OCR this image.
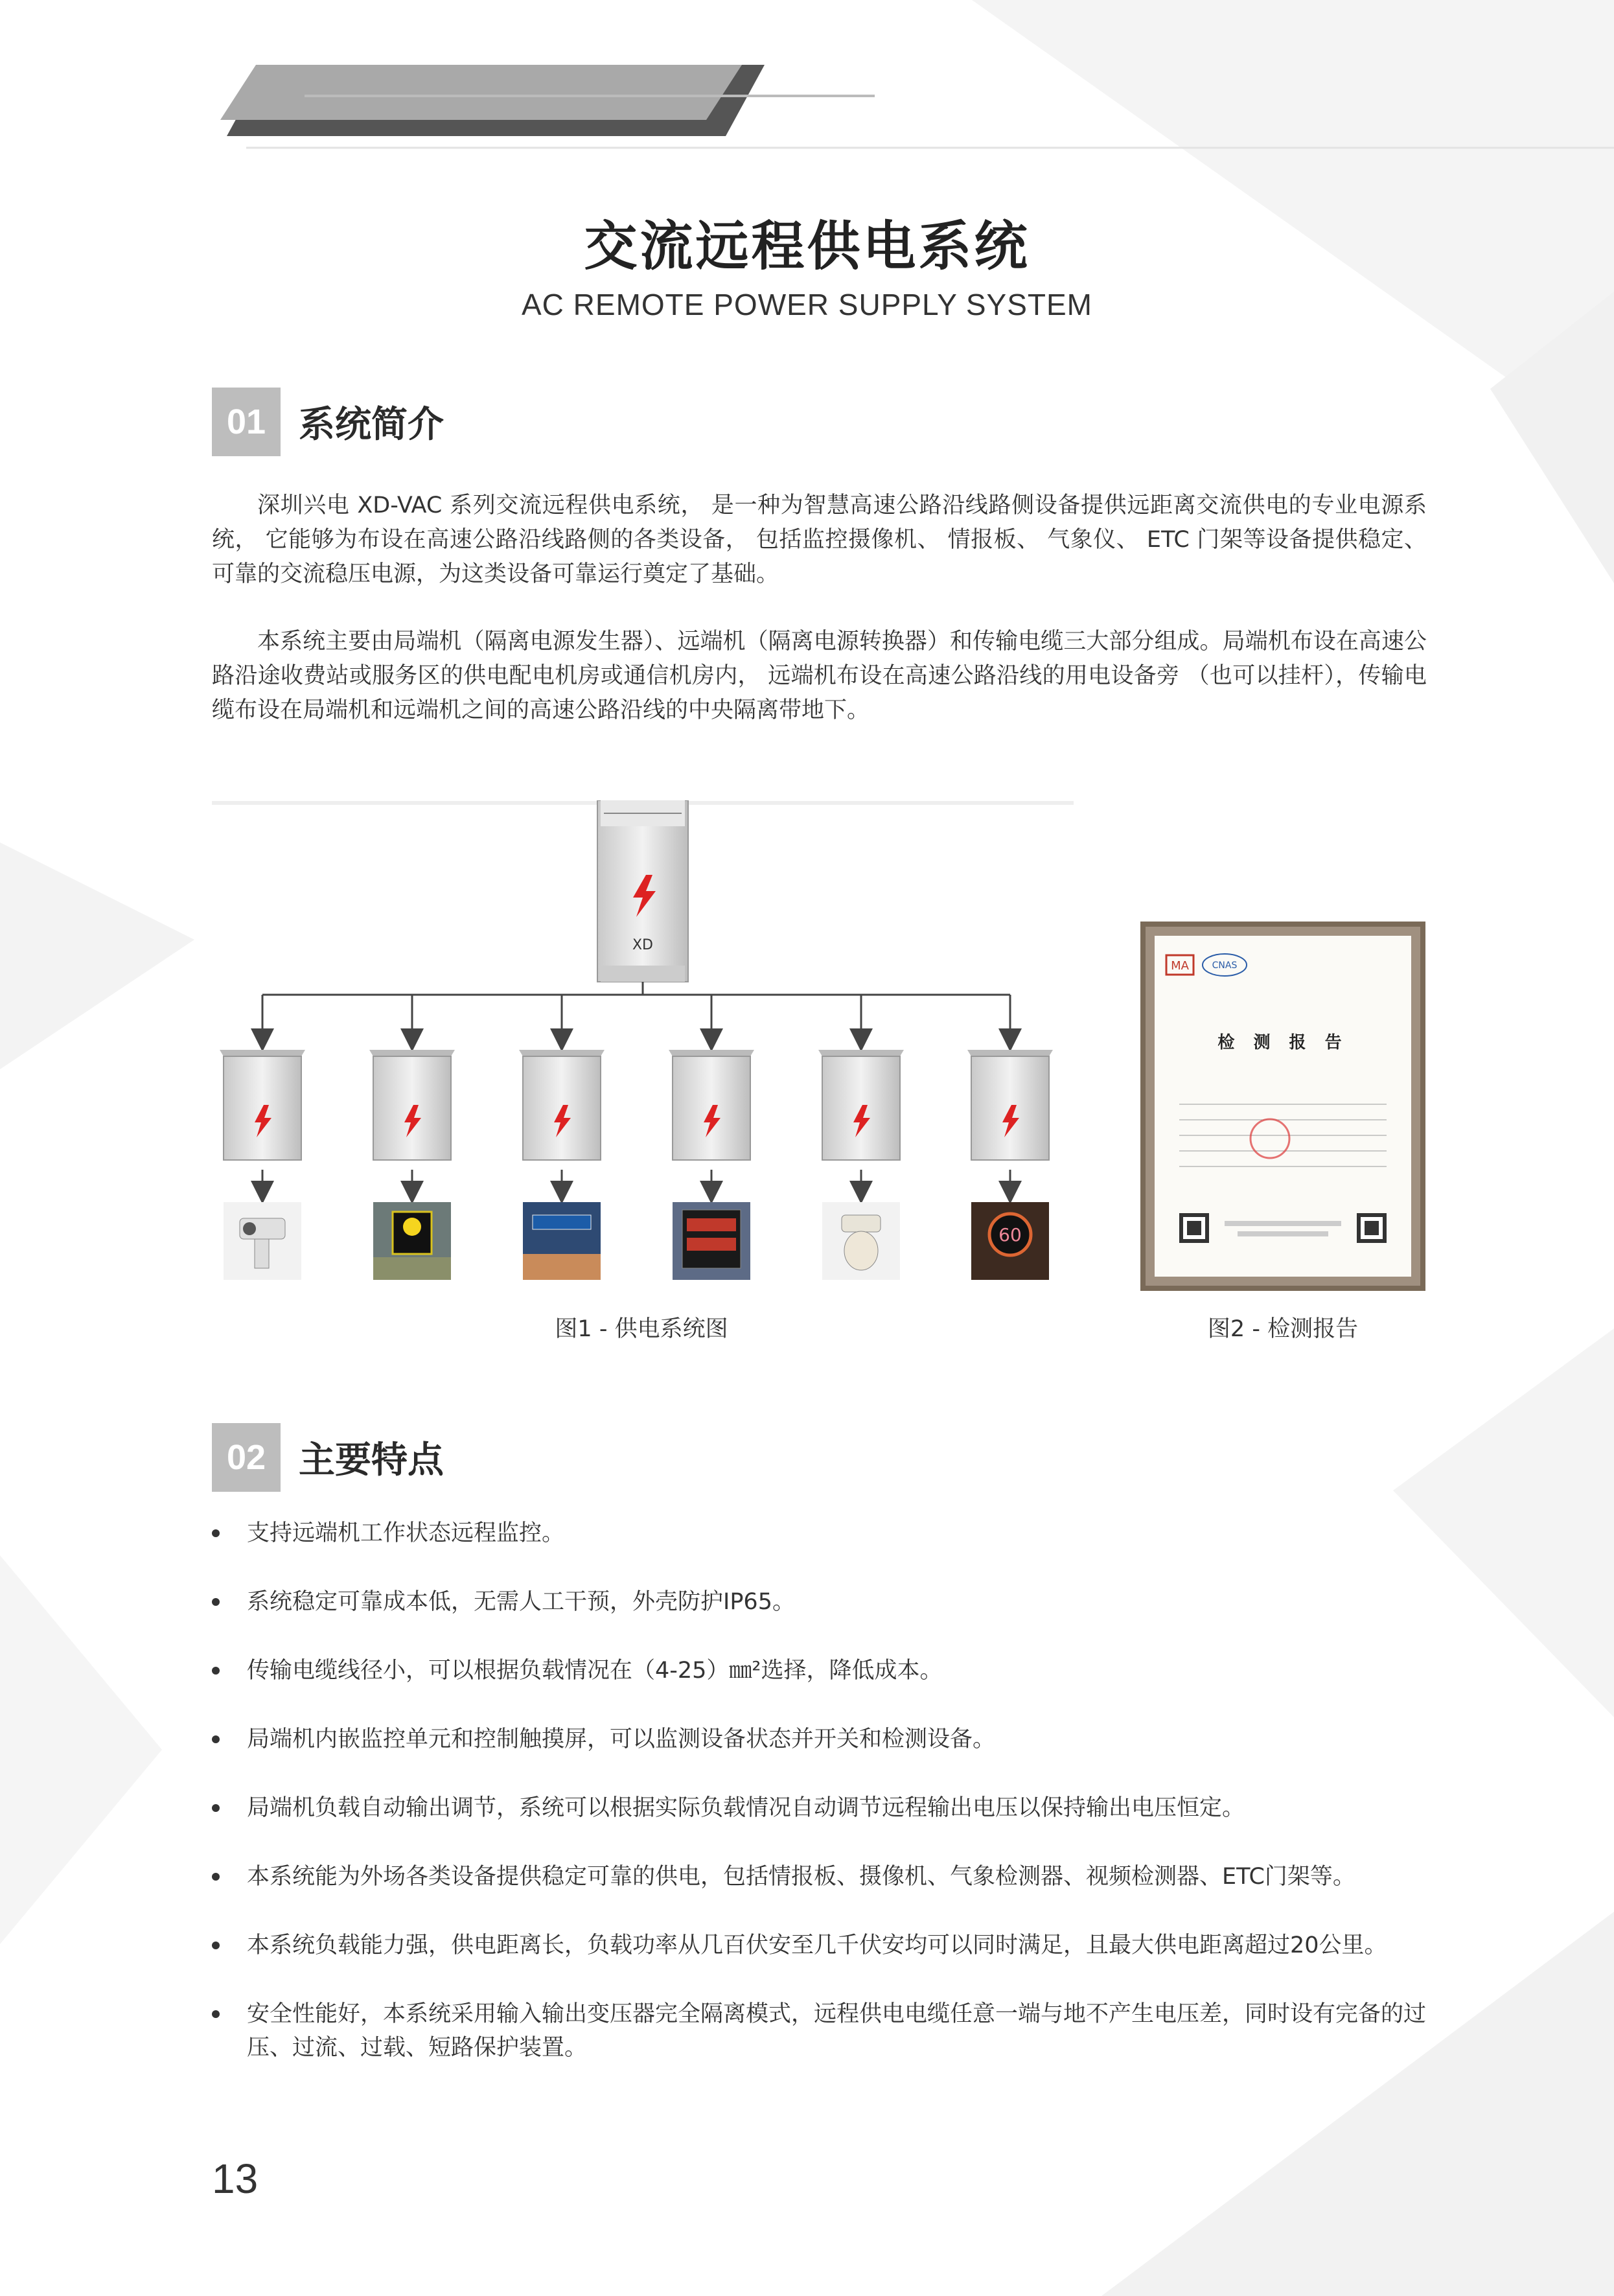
交流远程供电系统
AC REMOTE POWER SUPPLY SYSTEM
01 系统简介

深圳兴电 XD-VAC 系列交流远程供电系统， 是一种为智慧高速公路沿线路侧设备提供远距离交流供电的专业电源系统， 它能够为布设在高速公路沿线路侧的各类设备， 包括监控摄像机、 情报板、 气象仪、 ETC 门架等设备提供稳定、可靠的交流稳压电源，为这类设备可靠运行奠定了基础。

本系统主要由局端机（隔离电源发生器）、远端机（隔离电源转换器）和传输电缆三大部分组成。局端机布设在高速公路沿途收费站或服务区的供电配电机房或通信机房内， 远端机布设在高速公路沿线的用电设备旁 （也可以挂杆），传输电缆布设在局端机和远端机之间的高速公路沿线的中央隔离带地下。

XD
60
图1 - 供电系统图
MA	CNAS
检 测 报 告
图2 - 检测报告
02 主要特点
支持远端机工作状态远程监控。
系统稳定可靠成本低，无需人工干预，外壳防护IP65。
传输电缆线径小，可以根据负载情况在（4-25）㎜²选择，降低成本。
局端机内嵌监控单元和控制触摸屏，可以监测设备状态并开关和检测设备。
局端机负载自动输出调节，系统可以根据实际负载情况自动调节远程输出电压以保持输出电压恒定。
本系统能为外场各类设备提供稳定可靠的供电，包括情报板、摄像机、气象检测器、视频检测器、ETC门架等。
本系统负载能力强，供电距离长，负载功率从几百伏安至几千伏安均可以同时满足，且最大供电距离超过20公里。
安全性能好，本系统采用输入输出变压器完全隔离模式，远程供电电缆任意一端与地不产生电压差，同时设有完备的过压、过流、过载、短路保护装置。
13
